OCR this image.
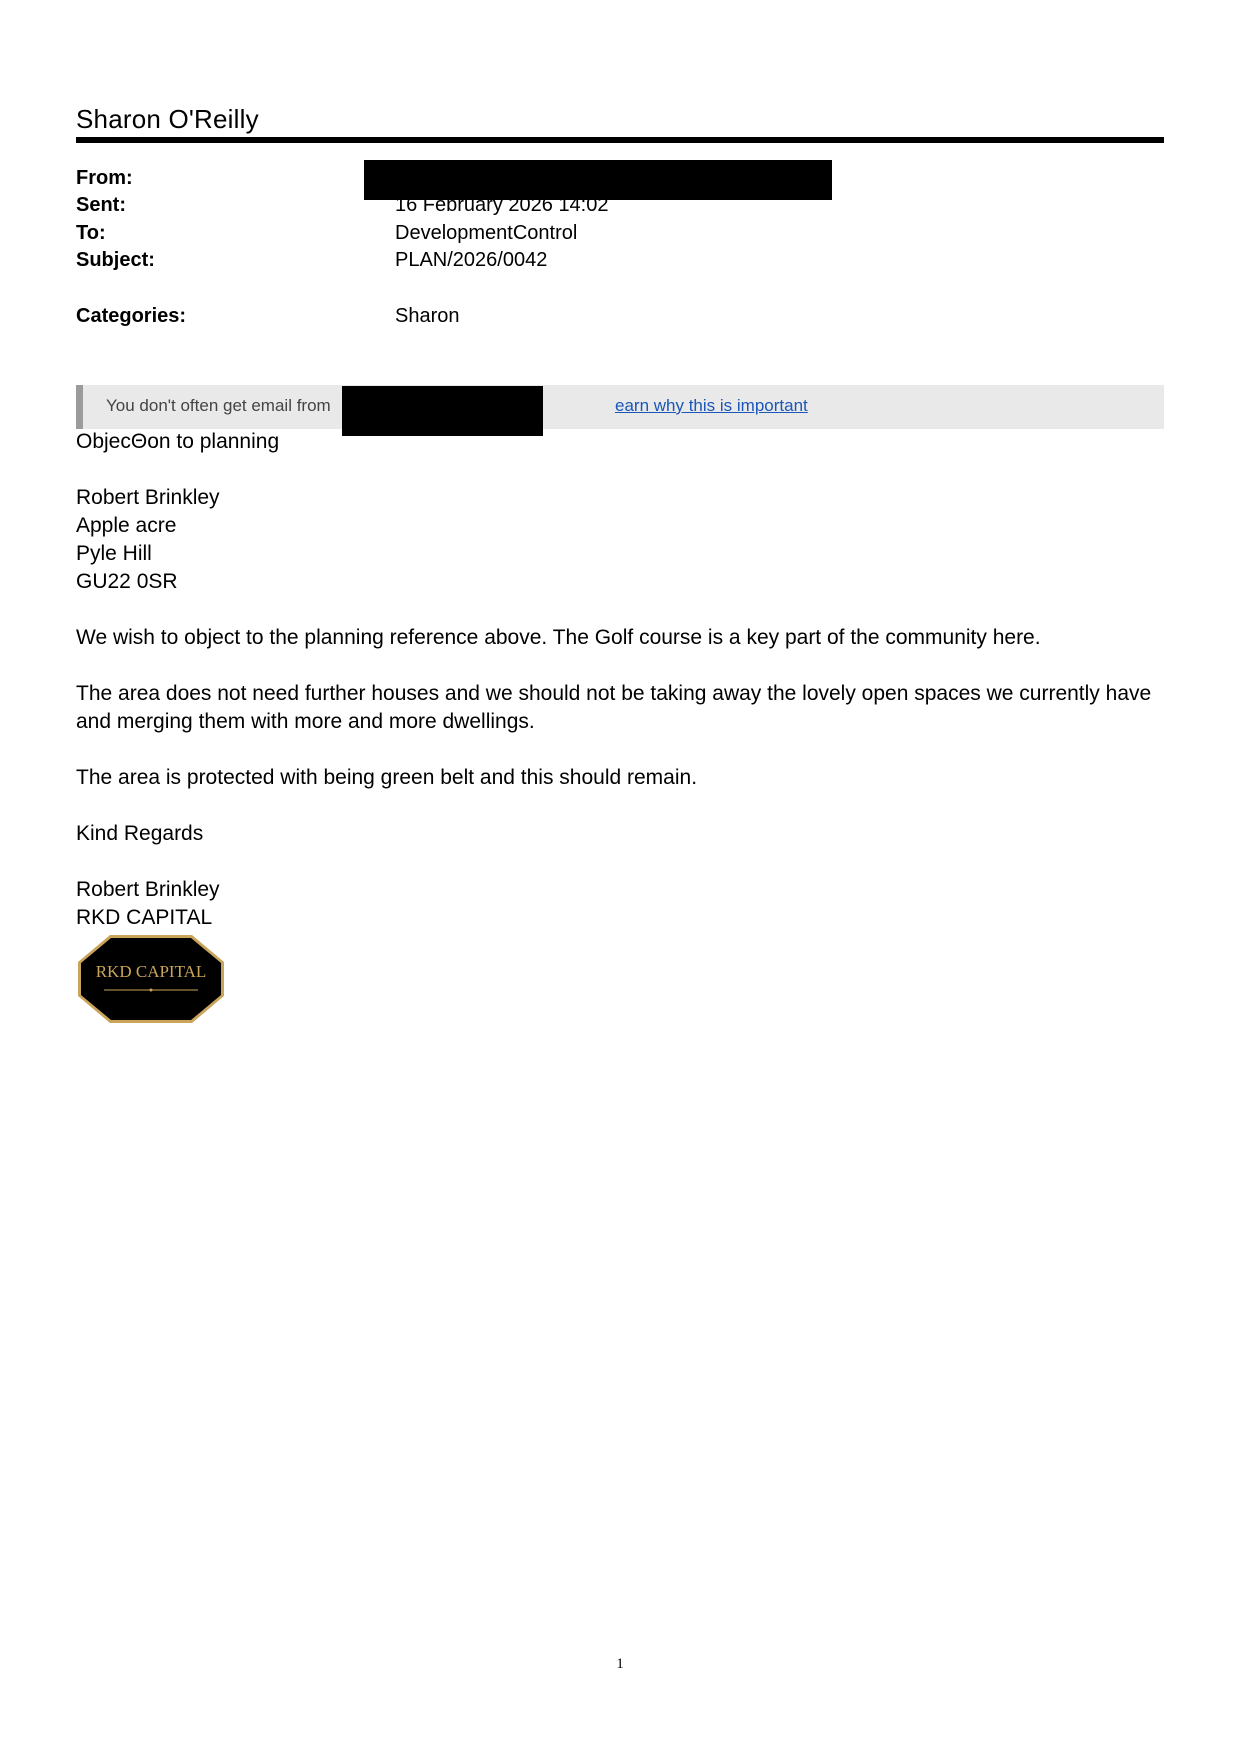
Sharon O'Reilly
From:
Sent:	16 February 2026 14:02
To:	DevelopmentControl
Subject:	PLAN/2026/0042
Categories:	Sharon
You don't often get email from	earn why this is important
ObjecΘon to planning
Robert Brinkley
Apple acre
Pyle Hill
GU22 0SR
We wish to object to the planning reference above. The Golf course is a key part of the community here.
The area does not need further houses and we should not be taking away the lovely open spaces we currently have
and merging them with more and more dwellings.
The area is protected with being green belt and this should remain.
Kind Regards
Robert Brinkley
RKD CAPITAL
RKD CAPITAL
1
